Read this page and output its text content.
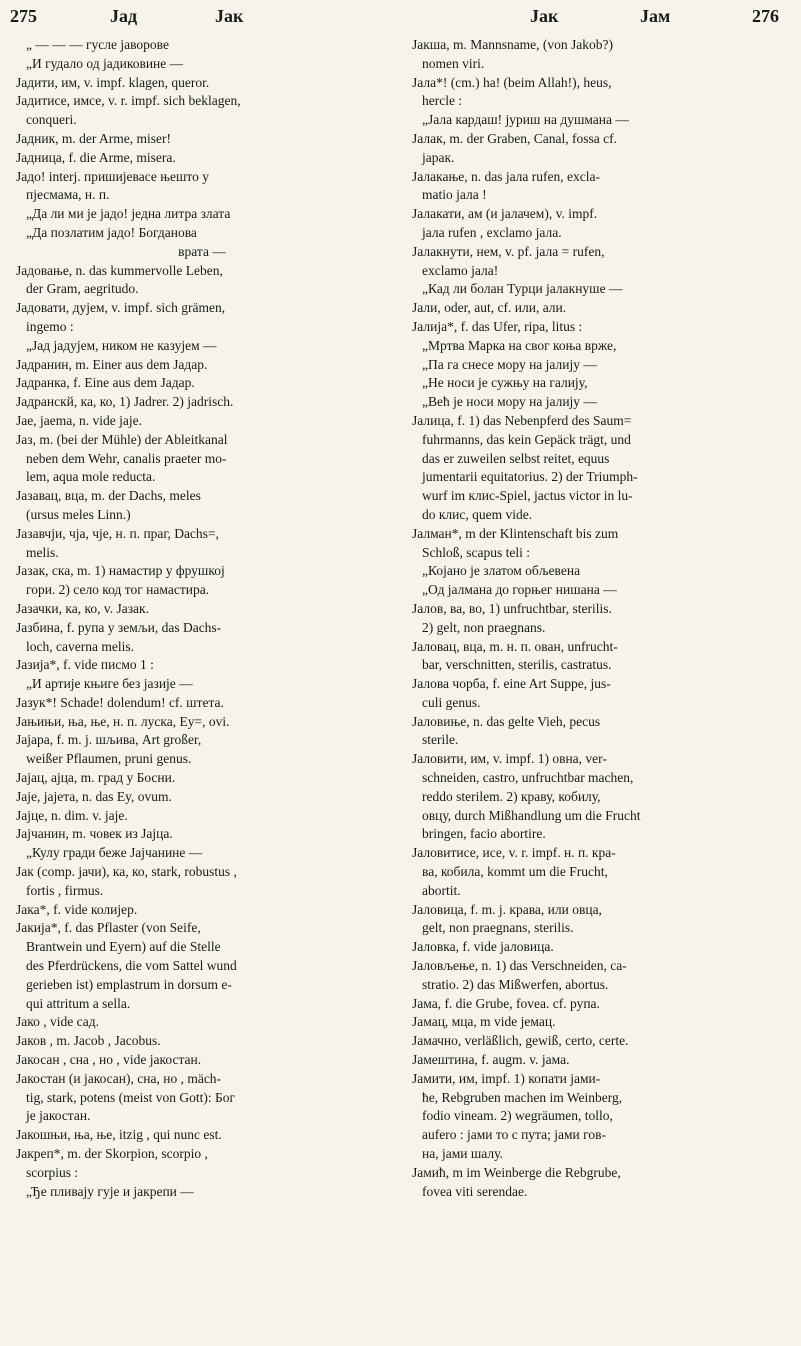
275	Јад	Јак	Јак	Јам	276
„ — — — гуслe јаворове
„И гудало од јадиковине —
Јадити, им, v. impf. klagen, queror.
Јадитисе, имсе, v. r. impf. sich beklagen,
conqueri.
Јадник, m. der Arme, miser!
Јадница, f. die Arme, misera.
Јадо! interj. пришијевасе њешто у
пјесмама, н. п.
„Да ли ми је јадо! једна литра злата
„Да позлатим јадо! Богданова
врата —
Јадовање, n. das kummervolle Leben,
der Gram, aegritudo.
Јадовати, дујем, v. impf. sich grämen,
ingemo :
„Јад јадујем, ником не казујем —
Јадранин, m. Einer aus dem Јадар.
Јадранка, f. Eine aus dem Јадар.
Јадранскй, ка, ко, 1) Jadrer. 2) jadrisch.
Јае, jaema, n. vide jaje.
Јаз, m. (bei der Mühle) der Ableitkanal
neben dem Wehr, canalis praeter mo-
lem, aqua mole reducta.
Јазавац, вца, m. der Dachs, meles
(ursus meles Linn.)
Јазавчји, чја, чје, н. п. праг, Dachs=,
melis.
Јазак, ска, m. 1) намастир у фрушкој
гори. 2) село код тог намастира.
Јазачки, ка, ко, v. Јазак.
Јазбина, f. рупа у земљи, das Dachs-
loch, caverna melis.
Јазија*, f. vide писмо 1 :
„И артије књиге без јазије —
Јазук*! Schade! dolendum! cf. штета.
Јањињи, ња, ње, н. п. луска, Ey=, ovi.
Јајара, f. m. j. шљива, Art großer,
weißer Pflaumen, pruni genus.
Јајац, ајца, m. град у Босни.
Јаје, јајета, n. das Ey, ovum.
Јајце, n. dim. v. jaje.
Јајчанин, m. човек из Јајца.
„Кулу гради беже Јајчанине —
Јак (comp. јачи), ка, ко, stark, robustus ,
fortis , firmus.
Јака*, f. vide колијер.
Јакија*, f. das Pflaster (von Seife,
Brantwein und Eyern) auf die Stelle
des Pferdrückens, die vom Sattel wund
gerieben ist) emplastrum in dorsum e-
qui attritum a sella.
Јако , vide сад.
Јаков , m. Jacob , Jacobus.
Јакосан , сна , но , vide јакостан.
Јакостан (и јакосан), сна, но , mäch-
tig, stark, potens (meist von Gott): Бог
је јакостан.
Јакошњи, ња, ње, itzig , qui nunc est.
Јакреп*, m. der Skorpion, scorpio ,
scorpius :
„Ђе пливају гује и јакрепи —
Јакша, m. Mannsname, (von Jakob?)
nomen viri.
Јала*! (cm.) ha! (beim Allah!), heus,
hercle :
„Јала кардаш! јуриш на душмана —
Јалак, m. der Graben, Canal, fossa cf.
јарак.
Јалакање, n. das jала rufen, excla-
matio јала !
Јалакати, ам (и јалачем), v. impf.
јала rufen , exclamo јала.
Јалакнути, нем, v. pf. јала = rufen,
exclamo јала!
„Кад ли болан Турци јалакнуше —
Јали, oder, aut, cf. или, али.
Јалија*, f. das Ufer, ripa, litus :
„Мртва Марка на свог коња врже,
„Па га снесе мору на јалију —
„Не носи је сужњу на галију,
„Већ је носи мору на јалију —
Јалица, f. 1) das Nebenpferd des Saum=
fuhrmanns, das kein Gepäck trägt, und
das er zuweilen selbst reitet, equus
jumentarii equitatorius. 2) der Triumph-
wurf im клис-Spiel, jactus victor in lu-
do клис, quem vide.
Јалман*, m der Klintenschaft bis zum
Schloß, scapus teli :
„Којано је златом обљевена
„Од јалмана до горњег нишана —
Јалов, ва, во, 1) unfruchtbar, sterilis.
2) gelt, non praegnans.
Јаловац, вца, m. н. п. ован, unfrucht-
bar, verschnitten, sterilis, castratus.
Јалова чорба, f. eine Art Suppe, jus-
culi genus.
Јаловиње, n. das gelte Vieh, pecus
sterile.
Јаловити, им, v. impf. 1) овна, ver-
schneiden, castro, unfruchtbar machen,
reddo sterilem. 2) краву, кобилу,
овцу, durch Mißhandlung um die Frucht
bringen, facio abortire.
Јаловитисе, исе, v. r. impf. н. п. кра-
ва, кобила, kommt um die Frucht,
abortit.
Јаловица, f. m. j. крава, или овца,
gelt, non praegnans, sterilis.
Јаловка, f. vide јаловица.
Јаловљење, n. 1) das Verschneiden, ca-
stratio. 2) das Mißwerfen, abortus.
Јама, f. die Grube, fovea. cf. рупа.
Јамац, мца, m vide јемац.
Јамачно, verläßlich, gewiß, certo, certe.
Јамештина, f. augm. v. јама.
Јамити, им, impf. 1) копати јами-
ће, Rebgruben machen im Weinberg,
fodio vineam. 2) wegräumen, tollo,
aufero : јами то с пута; јами гов-
на, јами шалу.
Јамић, m im Weinberge die Rebgrube,
fovea viti serendae.
